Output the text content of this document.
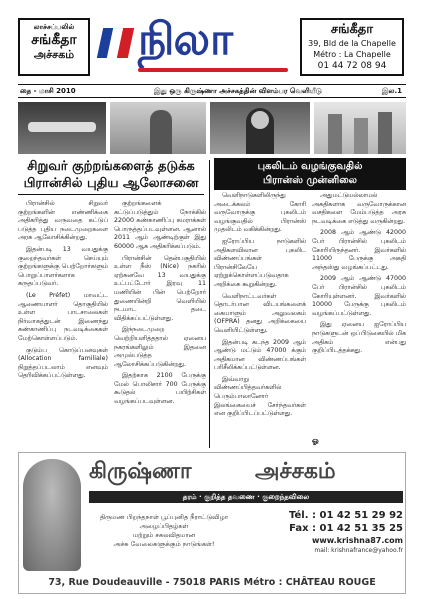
லாச்சப்பலில்
சங்கீதா
அச்சகம்	நிலா	சங்கீதா
39, Bld de la Chapelle
Métro : La Chapelle
01 44 72 08 94
தை - மாசி 2010	இது ஒரு கிருஷ்ணா அச்சகத்தின் விளம்பர வெளியீடு	இல.1
சிறுவர் குற்றங்களைத் தடுக்க
பிரான்சில் புதிய ஆலோசனை
புகலிடம் வழங்குவதில்
பிரான்ஸ் முன்னிலை

பிரான்சில் சிறுவர் குற்றங்களின் எண்ணிக்கை அதிகரித்து வருவதை கட்டுப் படுத்த புதிய நடைமுறைகளை அரசு ஆலோசிக்கின்றது.

இதன்படி 13 வயதுக்கு குறைந்தவர்கள் செய்யும் குற்றங்களுக்கு பெற்றோர்களும் பொறுப்பாளர்களாக கருதப்படுவர்.

(Le Préfet) மாவட்ட ஆணையாளர் தொகுதியில் உள்ள பாடசாலைகள் நிர்வாகத்துடன் இணைந்து கண்காணிப்பு நடவடிக்கைகள் மேற்கொள்ளப்படும்.

குடும்ப கொடுப்பனவுகள் (Allocation familiale) நிறுத்தப்படலாம் எனவும் தெரிவிக்கப்பட்டுள்ளது.

குற்றங்களைக் கட்டுப்படுத்தும் நோக்கில் 22000 கண்காணிப்பு கமராக்கள் பொருத்தப்படவுள்ளன. ஆனால் 2011 ஆம் ஆண்டிற்குள் இது 60000 ஆக அதிகரிக்கப்படும்.

பிரான்சின் தென்பகுதியில் உள்ள நீஸ் (Nice) நகரில் ஏற்கனவே 13 வயதுக்கு உட்பட்டோர் இரவு 11 மணியின் பின் பெற்றோர் துணையின்றி வெளியில் நடமாட தடை விதிக்கப்பட்டுள்ளது.

இந்நடைமுறை வெற்றியளித்ததால் ஏனைய நகரங்களிலும் இதனை அமுல்படுத்த ஆலோசிக்கப்படுகின்றது.

இதற்காக 2100 பேருக்கு மேல் பொலிசார் 700 பேருக்கு கூடுதல் பயிற்சிகள் வழங்கப்படவுள்ளன.

வெளிநாடுகளிலிருந்து அடைக்கலம் கோரி வருவோருக்கு புகலிடம் வழங்குவதில் பிரான்ஸ் முதலிடம் வகிக்கின்றது.

ஐரோப்பிய நாடுகளில் அதிகளவிலான புகலிட விண்ணப்பங்கள் பிரான்சிலேயே ஏற்றுக்கொள்ளப்படுவதாக அறிக்கை கூறுகின்றது.

வெளிநாட்டவர்கள் தொடர்பான விடயங்களைக் கையாளும் அலுவலகம் (OFPRA) தனது அறிக்கையை வெளியிட்டுள்ளது.

இதன்படி கடந்த 2009 ஆம் ஆண்டு மட்டும் 47000 க்கும் அதிகமான விண்ணப்பங்கள் பரிசீலிக்கப்பட்டுள்ளன.

இவ்வாறு விண்ணப்பித்தவர்களில் பெரும்பாலானோர் இலங்கையைச் சேர்ந்தவர்கள் என குறிப்பிடப்பட்டுள்ளது.

அதுமட்டுமல்லாமல் அகதிகளாக வருவோருக்கான வசதிகளை மேம்படுத்த அரசு நடவடிக்கை எடுத்து வருகின்றது.

2008 ஆம் ஆண்டு 42000 பேர் பிரான்சில் புகலிடம் கோரியிருந்தனர். இவர்களில் 11000 பேருக்கு அகதி அந்தஸ்து வழங்கப்பட்டது.

2009 ஆம் ஆண்டு 47000 பேர் பிரான்சில் புகலிடம் கோரியுள்ளனர். இவர்களில் 10000 பேருக்கு புகலிடம் வழங்கப்பட்டுள்ளது.

இது ஏனைய ஐரோப்பிய நாடுகளுடன் ஒப்பிடுகையில் மிக அதிகம் என்பது குறிப்பிடத்தக்கது.

ஓ
கிருஷ்ணா	அச்சகம்
தரம் · குறித்த தவணை · குறைந்தவிலை
திருமண பிறந்தநாள் பூப்புனித நீராட்டுவிழா
அழைப்பிதழ்கள்
மற்றும் சகலவிதமான
அச்சு வேலைகளுக்கும் நாடுங்கள்!
Tél. : 01 42 51 29 92
Fax : 01 42 51 35 25
www.krishna87.com
mail: krishnafrance@yahoo.fr
73, Rue Doudeauville - 75018 PARIS Métro : CHÂTEAU ROUGE
